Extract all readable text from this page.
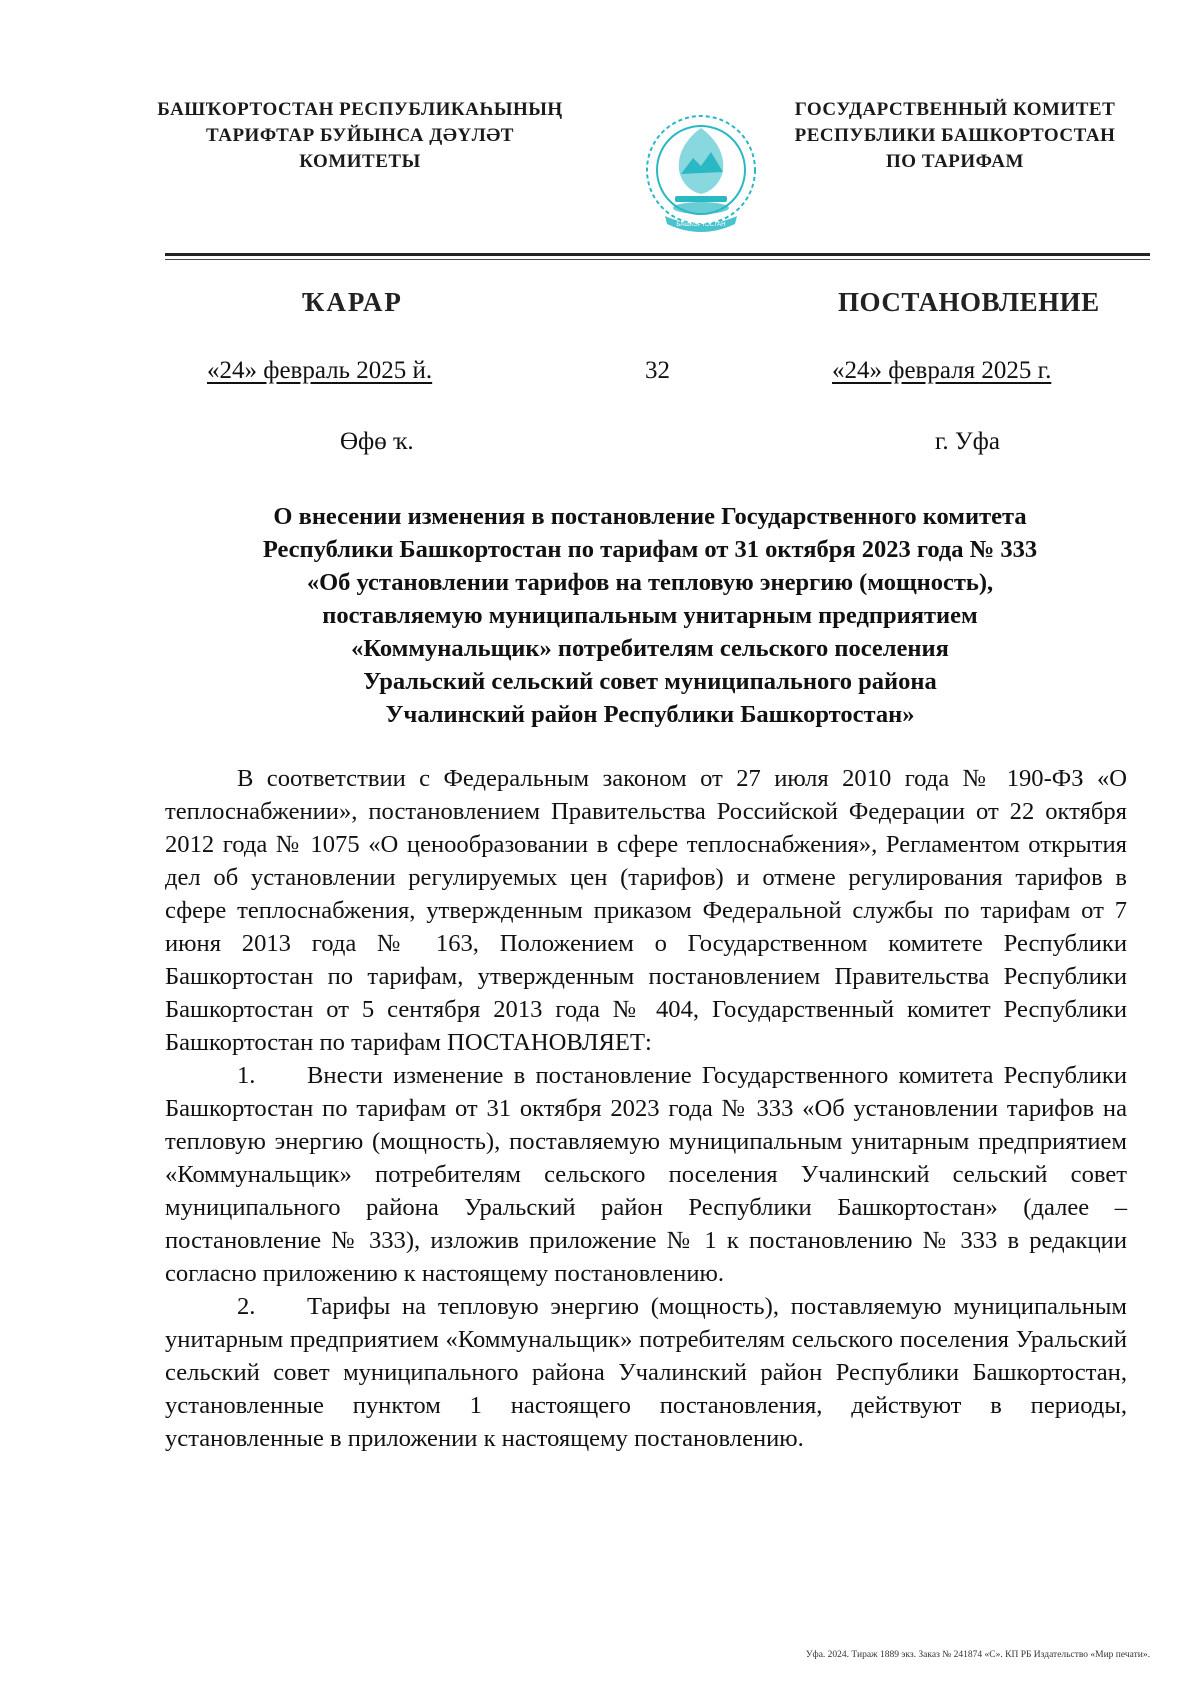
БАШҠОРТОСТАН РЕСПУБЛИКАҺЫНЫҢ
ТАРИФТАР БУЙЫНСА ДӘҮЛӘТ
КОМИТЕТЫ
БАШКОРТОСТАН
ГОСУДАРСТВЕННЫЙ КОМИТЕТ
РЕСПУБЛИКИ БАШКОРТОСТАН
ПО ТАРИФАМ
ҠАРАР	ПОСТАНОВЛЕНИЕ
«24» февраль 2025 й.	32	«24» февраля 2025 г.
Өфө ҡ.	г. Уфа
О внесении изменения в постановление Государственного комитета
Республики Башкортостан по тарифам от 31 октября 2023 года № 333
«Об установлении тарифов на тепловую энергию (мощность),
поставляемую муниципальным унитарным предприятием
«Коммунальщик» потребителям сельского поселения
Уральский сельский совет муниципального района
Учалинский район Республики Башкортостан»

В соответствии с Федеральным законом от 27 июля 2010 года № 190-ФЗ «О теплоснабжении», постановлением Правительства Российской Федерации от 22 октября 2012 года № 1075 «О ценообразовании в сфере теплоснабжения», Регламентом открытия дел об установлении регулируемых цен (тарифов) и отмене регулирования тарифов в сфере теплоснабжения, утвержденным приказом Федеральной службы по тарифам от 7 июня 2013 года № 163, Положением о Государственном комитете Республики Башкортостан по тарифам, утвержденным постановлением Правительства Республики Башкортостан от 5 сентября 2013 года № 404, Государственный комитет Республики Башкортостан по тарифам ПОСТАНОВЛЯЕТ:

1. Внести изменение в постановление Государственного комитета Республики Башкортостан по тарифам от 31 октября 2023 года № 333 «Об установлении тарифов на тепловую энергию (мощность), поставляемую муниципальным унитарным предприятием «Коммунальщик» потребителям сельского поселения Учалинский сельский совет муниципального района Уральский район Республики Башкортостан» (далее – постановление № 333), изложив приложение № 1 к постановлению № 333 в редакции согласно приложению к настоящему постановлению.

2. Тарифы на тепловую энергию (мощность), поставляемую муниципальным унитарным предприятием «Коммунальщик» потребителям сельского поселения Уральский сельский совет муниципального района Учалинский район Республики Башкортостан, установленные пунктом 1 настоящего постановления, действуют в периоды, установленные в приложении к настоящему постановлению.

Уфа. 2024. Тираж 1889 экз. Заказ № 241874 «С». КП РБ Издательство «Мир печати».
